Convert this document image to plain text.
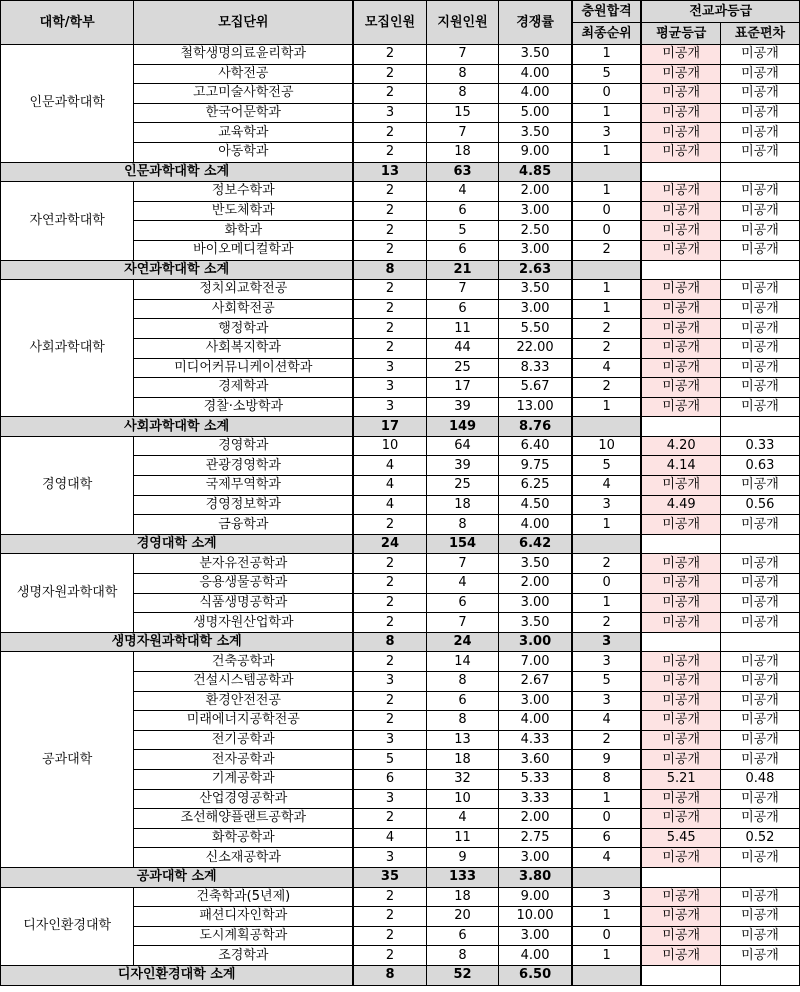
대학/학부	모집단위	모집인원	지원인원	경쟁률	충원합격	전교과등급	
					최종순위	평균등급	표준편차
인문과학대학	철학생명의료윤리학과	2	7	3.50	1	미공개	미공개
	사학전공	2	8	4.00	5	미공개	미공개
	고고미술사학전공	2	8	4.00	0	미공개	미공개
	한국어문학과	3	15	5.00	1	미공개	미공개
	교육학과	2	7	3.50	3	미공개	미공개
	아동학과	2	18	9.00	1	미공개	미공개
인문과학대학 소계		13	63	4.85			
자연과학대학	정보수학과	2	4	2.00	1	미공개	미공개
	반도체학과	2	6	3.00	0	미공개	미공개
	화학과	2	5	2.50	0	미공개	미공개
	바이오메디컬학과	2	6	3.00	2	미공개	미공개
자연과학대학 소계		8	21	2.63			
사회과학대학	정치외교학전공	2	7	3.50	1	미공개	미공개
	사회학전공	2	6	3.00	1	미공개	미공개
	행정학과	2	11	5.50	2	미공개	미공개
	사회복지학과	2	44	22.00	2	미공개	미공개
	미디어커뮤니케이션학과	3	25	8.33	4	미공개	미공개
	경제학과	3	17	5.67	2	미공개	미공개
	경찰·소방학과	3	39	13.00	1	미공개	미공개
사회과학대학 소계		17	149	8.76			
경영대학	경영학과	10	64	6.40	10	4.20	0.33
	관광경영학과	4	39	9.75	5	4.14	0.63
	국제무역학과	4	25	6.25	4	미공개	미공개
	경영정보학과	4	18	4.50	3	4.49	0.56
	금융학과	2	8	4.00	1	미공개	미공개
경영대학 소계		24	154	6.42			
생명자원과학대학	분자유전공학과	2	7	3.50	2	미공개	미공개
	응용생물공학과	2	4	2.00	0	미공개	미공개
	식품생명공학과	2	6	3.00	1	미공개	미공개
	생명자원산업학과	2	7	3.50	2	미공개	미공개
생명자원과학대학 소계		8	24	3.00	3		
공과대학	건축공학과	2	14	7.00	3	미공개	미공개
	건설시스템공학과	3	8	2.67	5	미공개	미공개
	환경안전전공	2	6	3.00	3	미공개	미공개
	미래에너지공학전공	2	8	4.00	4	미공개	미공개
	전기공학과	3	13	4.33	2	미공개	미공개
	전자공학과	5	18	3.60	9	미공개	미공개
	기계공학과	6	32	5.33	8	5.21	0.48
	산업경영공학과	3	10	3.33	1	미공개	미공개
	조선해양플랜트공학과	2	4	2.00	0	미공개	미공개
	화학공학과	4	11	2.75	6	5.45	0.52
	신소재공학과	3	9	3.00	4	미공개	미공개
공과대학 소계		35	133	3.80			
디자인환경대학	건축학과(5년제)	2	18	9.00	3	미공개	미공개
	패션디자인학과	2	20	10.00	1	미공개	미공개
	도시계획공학과	2	6	3.00	0	미공개	미공개
	조경학과	2	8	4.00	1	미공개	미공개
디자인환경대학 소계		8	52	6.50			
